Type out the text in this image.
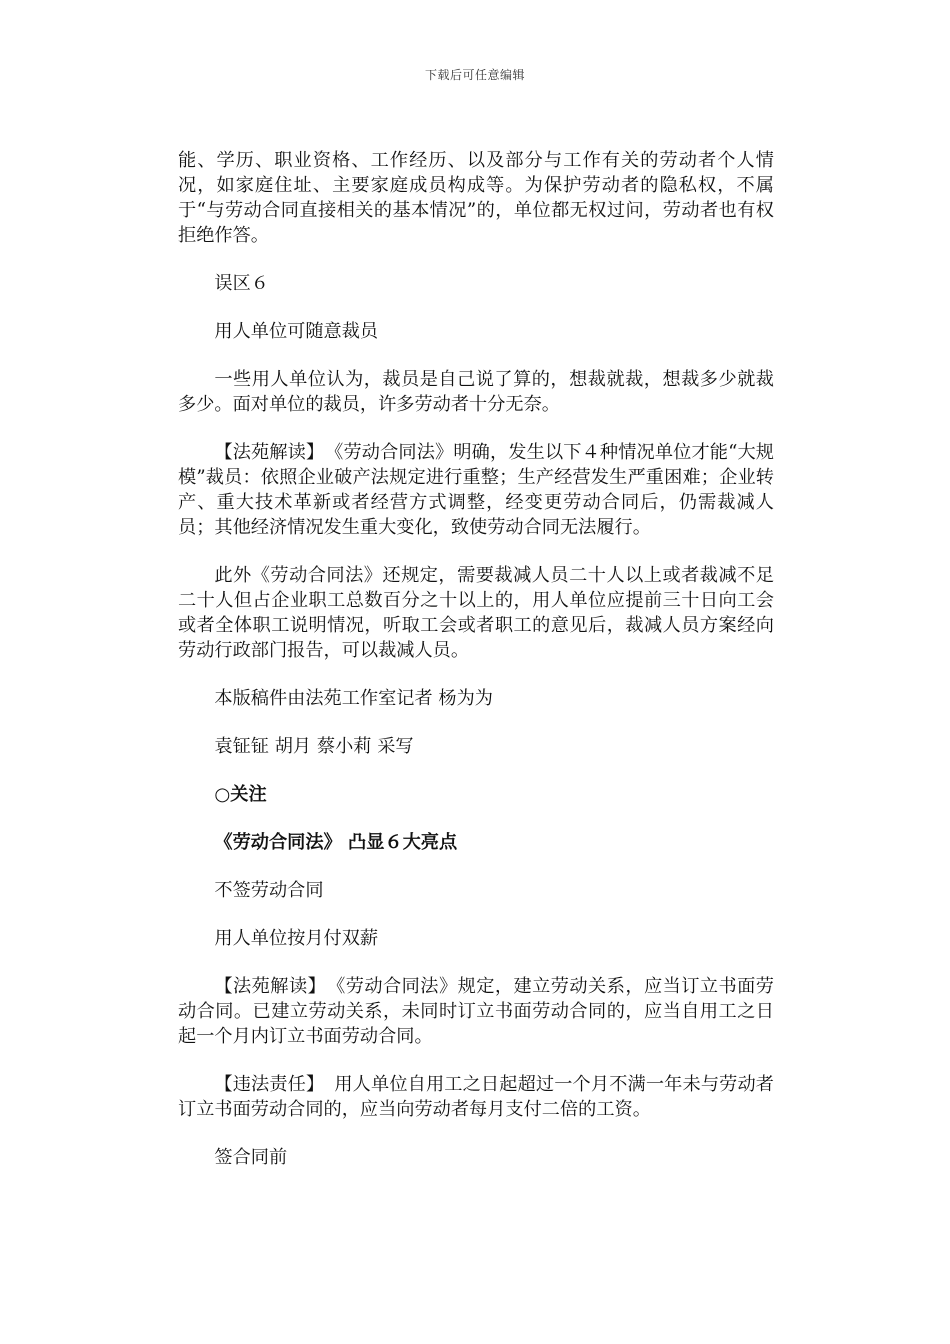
下载后可任意编辑

能、学历、职业资格、工作经历、以及部分与工作有关的劳动者个人情况，如家庭住址、主要家庭成员构成等。为保护劳动者的隐私权，不属于“与劳动合同直接相关的基本情况”的，单位都无权过问，劳动者也有权拒绝作答。

误区６

用人单位可随意裁员

一些用人单位认为，裁员是自己说了算的，想裁就裁，想裁多少就裁多少。面对单位的裁员，许多劳动者十分无奈。

【法苑解读】 《劳动合同法》明确，发生以下４种情况单位才能“大规模”裁员：依照企业破产法规定进行重整；生产经营发生严重困难；企业转产、重大技术革新或者经营方式调整，经变更劳动合同后，仍需裁减人员；其他经济情况发生重大变化，致使劳动合同无法履行。

此外《劳动合同法》还规定，需要裁减人员二十人以上或者裁减不足二十人但占企业职工总数百分之十以上的，用人单位应提前三十日向工会或者全体职工说明情况，听取工会或者职工的意见后，裁减人员方案经向劳动行政部门报告，可以裁减人员。

本版稿件由法苑工作室记者 杨为为

袁钲钲 胡月 蔡小莉 采写

○关注

《劳动合同法》 凸显６大亮点

不签劳动合同

用人单位按月付双薪

【法苑解读】 《劳动合同法》规定，建立劳动关系，应当订立书面劳动合同。已建立劳动关系，未同时订立书面劳动合同的，应当自用工之日起一个月内订立书面劳动合同。

【违法责任】 用人单位自用工之日起超过一个月不满一年未与劳动者订立书面劳动合同的，应当向劳动者每月支付二倍的工资。

签合同前
